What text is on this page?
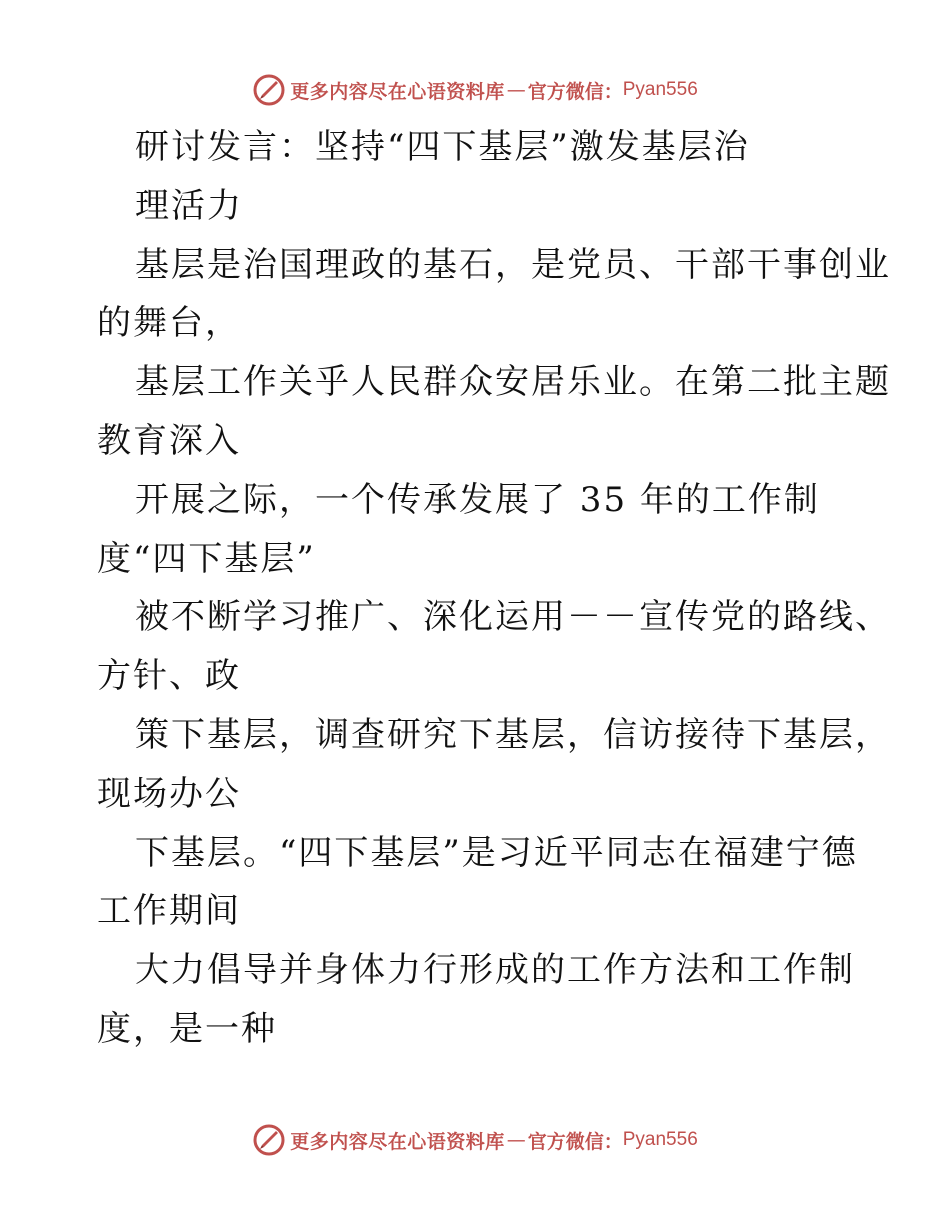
更多内容尽在心语资料库 — 官方微信： Pyan556
研讨发言：坚持“四下基层”激发基层治
理活力
基层是治国理政的基石，是党员、干部干事创业
的舞台，
基层工作关乎人民群众安居乐业。在第二批主题
教育深入
开展之际，一个传承发展了 35 年的工作制
度“四下基层”
被不断学习推广、深化运用－－宣传党的路线、
方针、政
策下基层，调查研究下基层，信访接待下基层，
现场办公
下基层。“四下基层”是习近平同志在福建宁德
工作期间
大力倡导并身体力行形成的工作方法和工作制
度，是一种
更多内容尽在心语资料库 — 官方微信： Pyan556
